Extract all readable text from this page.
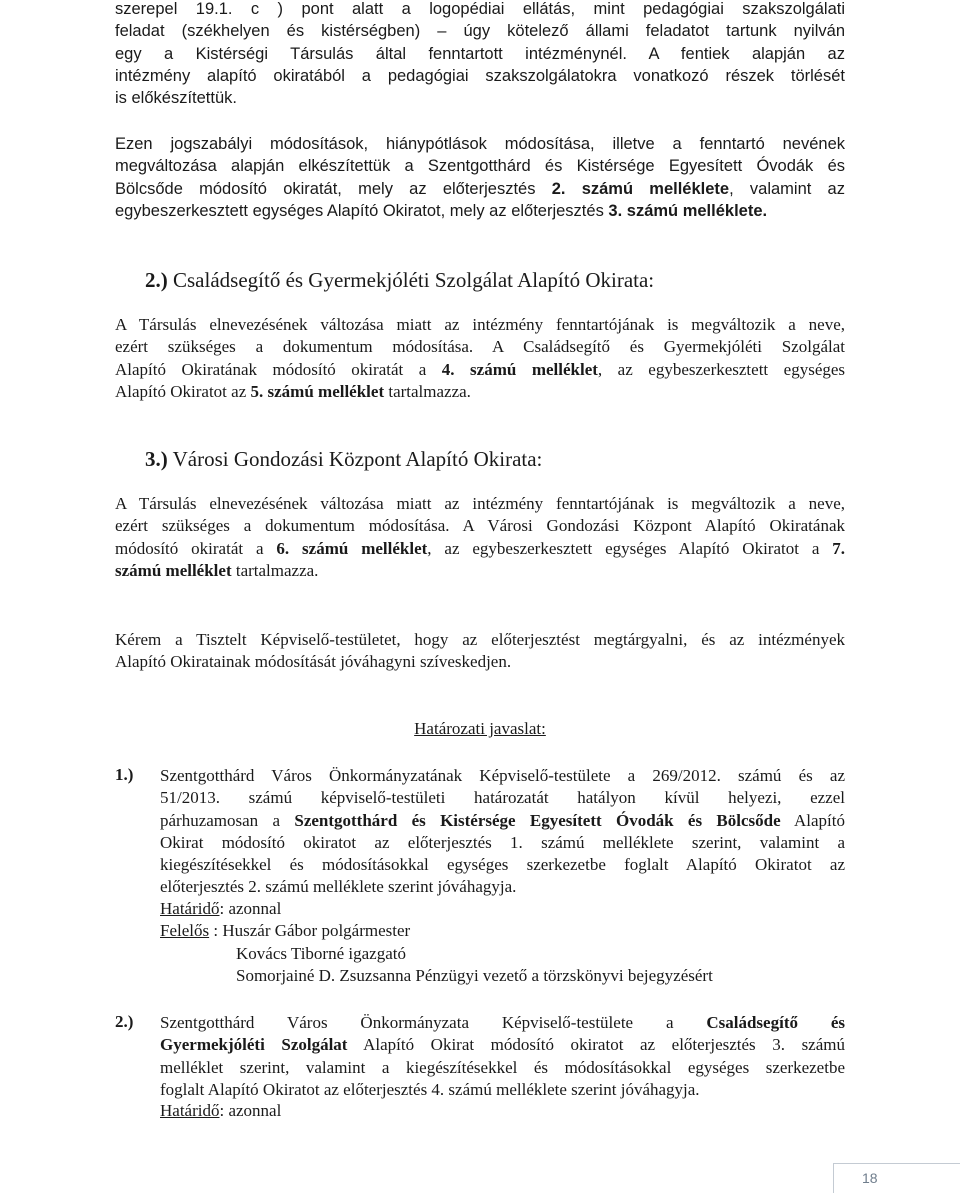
szerepel 19.1. c ) pont alatt a logopédiai ellátás, mint pedagógiai szakszolgálati
feladat (székhelyen és kistérségben) – úgy kötelező állami feladatot tartunk nyilván
egy a Kistérségi Társulás által fenntartott intézménynél. A fentiek alapján az
intézmény alapító okiratából a pedagógiai szakszolgálatokra vonatkozó részek törlését
is előkészítettük.
Ezen jogszabályi módosítások, hiánypótlások módosítása, illetve a fenntartó nevének
megváltozása alapján elkészítettük a Szentgotthárd és Kistérsége Egyesített Óvodák és
Bölcsőde módosító okiratát, mely az előterjesztés 2. számú melléklete, valamint az
egybeszerkesztett egységes Alapító Okiratot, mely az előterjesztés 3. számú melléklete.
2.) Családsegítő és Gyermekjóléti Szolgálat Alapító Okirata:
A Társulás elnevezésének változása miatt az intézmény fenntartójának is megváltozik a neve,
ezért szükséges a dokumentum módosítása. A Családsegítő és Gyermekjóléti Szolgálat
Alapító Okiratának módosító okiratát a 4. számú melléklet, az egybeszerkesztett egységes
Alapító Okiratot az 5. számú melléklet tartalmazza.
3.) Városi Gondozási Központ Alapító Okirata:
A Társulás elnevezésének változása miatt az intézmény fenntartójának is megváltozik a neve,
ezért szükséges a dokumentum módosítása. A Városi Gondozási Központ Alapító Okiratának
módosító okiratát a 6. számú melléklet, az egybeszerkesztett egységes Alapító Okiratot a 7.
számú melléklet tartalmazza.
Kérem a Tisztelt Képviselő-testületet, hogy az előterjesztést megtárgyalni, és az intézmények
Alapító Okiratainak módosítását jóváhagyni szíveskedjen.
Határozati javaslat:
1.) Szentgotthárd Város Önkormányzatának Képviselő-testülete a 269/2012. számú és az
51/2013. számú képviselő-testületi határozatát hatályon kívül helyezi, ezzel
párhuzamosan a Szentgotthárd és Kistérsége Egyesített Óvodák és Bölcsőde Alapító
Okirat módosító okiratot az előterjesztés 1. számú melléklete szerint, valamint a
kiegészítésekkel és módosításokkal egységes szerkezetbe foglalt Alapító Okiratot az
előterjesztés 2. számú melléklete szerint jóváhagyja.
Határidő: azonnal
Felelős : Huszár Gábor polgármester
Kovács Tiborné igazgató
Somorjainé D. Zsuzsanna Pénzügyi vezető a törzskönyvi bejegyzésért
2.) Szentgotthárd Város Önkormányzata Képviselő-testülete a Családsegítő és
Gyermekjóléti Szolgálat Alapító Okirat módosító okiratot az előterjesztés 3. számú
melléklet szerint, valamint a kiegészítésekkel és módosításokkal egységes szerkezetbe
foglalt Alapító Okiratot az előterjesztés 4. számú melléklete szerint jóváhagyja.
Határidő: azonnal
18
